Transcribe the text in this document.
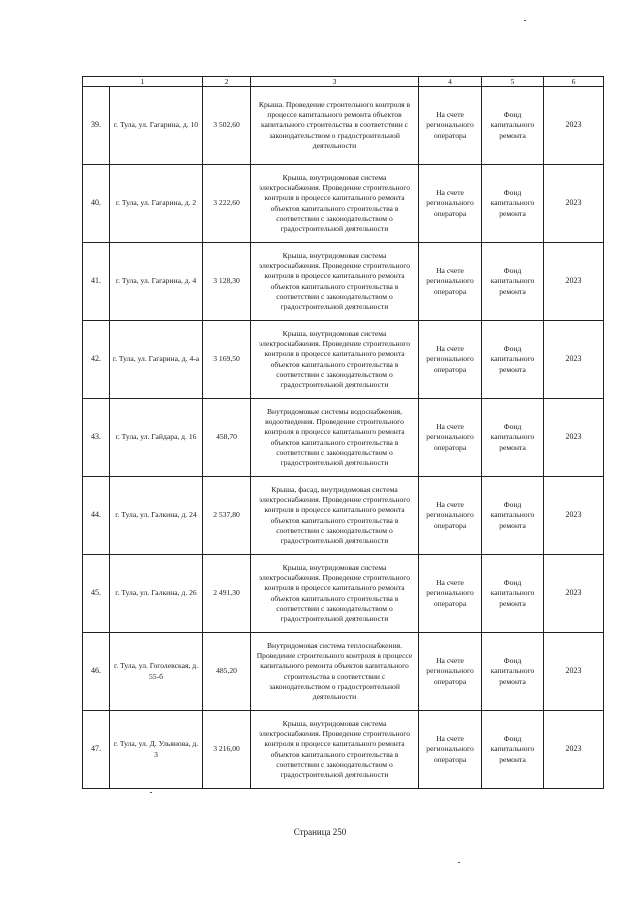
1		2	3	4	5	6
39.	г. Тула, ул. Гагарина, д. 10	3 502,60	Крыша. Проведение строительного контроля в процессе капитального ремонта объектов капитального строительства в соответствии с законодательством о градостроительной деятельности	На счете регионального оператора	Фонд капитального ремонта	2023
40.	г. Тула, ул. Гагарина, д. 2	3 222,60	Крыша, внутридомовая система электроснабжения. Проведение строительного контроля в процессе капитального ремонта объектов капитального строительства в соответствии с законодательством о градостроительной деятельности	На счете регионального оператора	Фонд капитального ремонта	2023
41.	г. Тула, ул. Гагарина, д. 4	3 128,30	Крыша, внутридомовая система электроснабжения. Проведение строительного контроля в процессе капитального ремонта объектов капитального строительства в соответствии с законодательством о градостроительной деятельности	На счете регионального оператора	Фонд капитального ремонта	2023
42.	г. Тула, ул. Гагарина, д. 4-а	3 169,50	Крыша, внутридомовая система электроснабжения. Проведение строительного контроля в процессе капитального ремонта объектов капитального строительства в соответствии с законодательством о градостроительной деятельности	На счете регионального оператора	Фонд капитального ремонта	2023
43.	г. Тула, ул. Гайдара, д. 16	458,70	Внутридомовые системы водоснабжения, водоотведения. Проведение строительного контроля в процессе капитального ремонта объектов капитального строительства в соответствии с законодательством о градостроительной деятельности	На счете регионального оператора	Фонд капитального ремонта	2023
44.	г. Тула, ул. Галкина, д. 24	2 537,80	Крыша, фасад, внутридомовая система электроснабжения. Проведение строительного контроля в процессе капитального ремонта объектов капитального строительства в соответствии с законодательством о градостроительной деятельности	На счете регионального оператора	Фонд капитального ремонта	2023
45.	г. Тула, ул. Галкина, д. 26	2 491,30	Крыша, внутридомовая система электроснабжения. Проведение строительного контроля в процессе капитального ремонта объектов капитального строительства в соответствии с законодательством о градостроительной деятельности	На счете регионального оператора	Фонд капитального ремонта	2023
46.	г. Тула, ул. Гоголевская, д. 55-б	485,20	Внутридомовая система теплоснабжения. Проведение строительного контроля в процессе капитального ремонта объектов капитального строительства в соответствии с законодательством о градостроительной деятельности	На счете регионального оператора	Фонд капитального ремонта	2023
47.	г. Тула, ул. Д. Ульянова, д. 3	3 216,00	Крыша, внутридомовая система электроснабжения. Проведение строительного контроля в процессе капитального ремонта объектов капитального строительства в соответствии с законодательством о градостроительной деятельности	На счете регионального оператора	Фонд капитального ремонта	2023
Страница 250
